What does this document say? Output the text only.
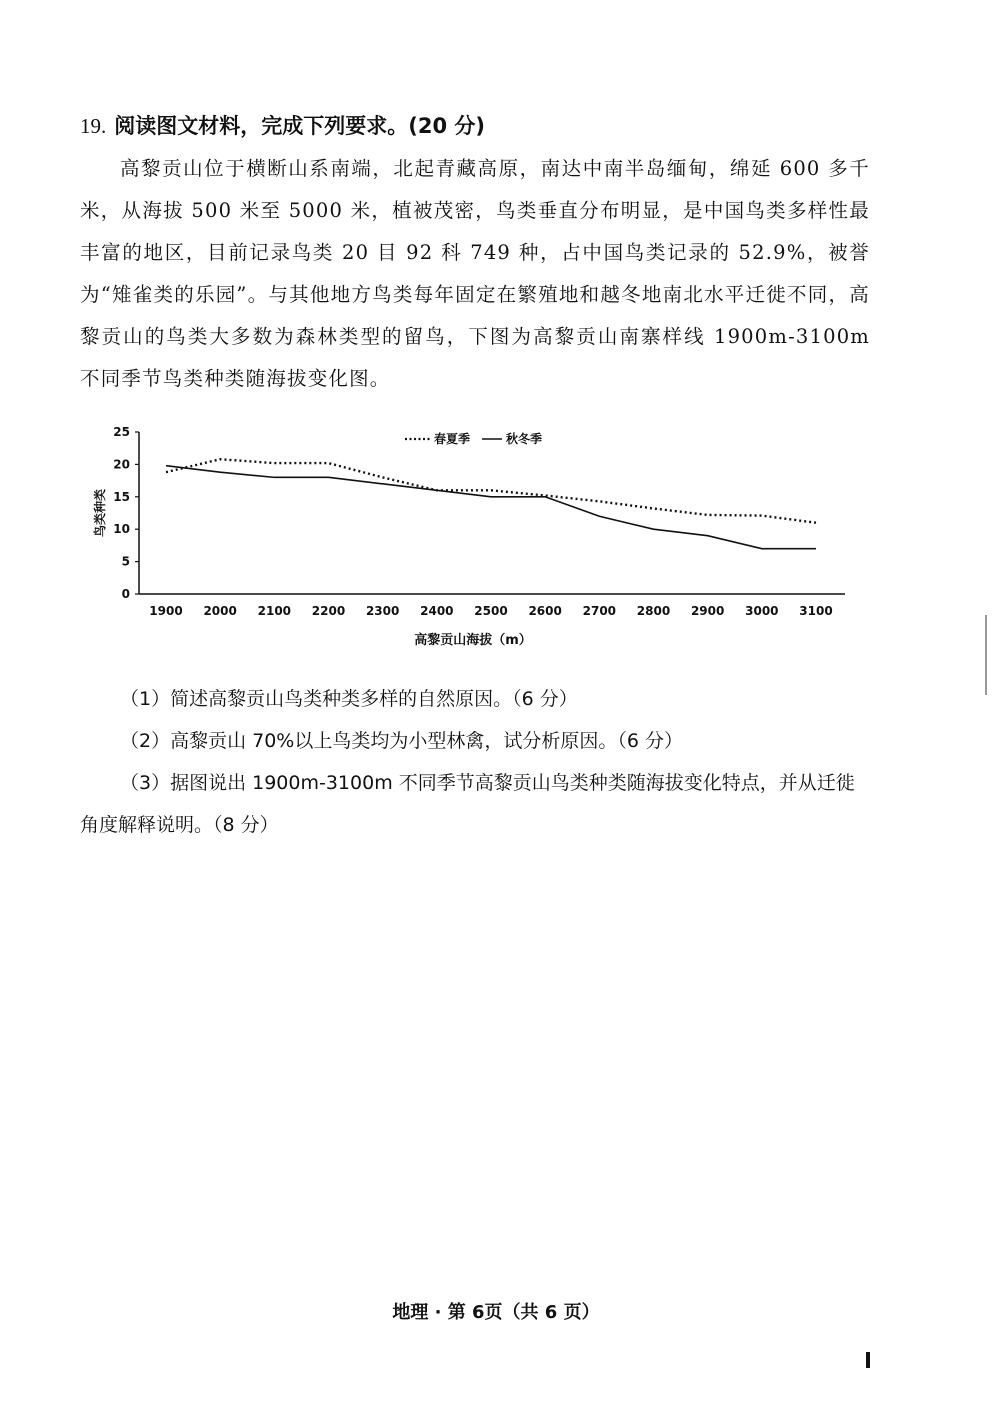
19. 阅读图文材料，完成下列要求。(20 分)
高黎贡山位于横断山系南端，北起青藏高原，南达中南半岛缅甸，绵延 600 多千米，从海拔 500 米至 5000 米，植被茂密，鸟类垂直分布明显，是中国鸟类多样性最丰富的地区，目前记录鸟类 20 目 92 科 749 种，占中国鸟类记录的 52.9%，被誉为“雉雀类的乐园”。与其他地方鸟类每年固定在繁殖地和越冬地南北水平迁徙不同，高黎贡山的鸟类大多数为森林类型的留鸟，下图为高黎贡山南寨样线 1900m-3100m 不同季节鸟类种类随海拔变化图。
0
5
10
15
20
25
1900 2000 2100 2200 2300 2400 2500 2600 2700 2800 2900 3000 3100
鸟类种类
高黎贡山海拔（m）
春夏季	秋冬季
（1）简述高黎贡山鸟类种类多样的自然原因。（6 分）
（2）高黎贡山 70%以上鸟类均为小型林禽，试分析原因。（6 分）
（3）据图说出 1900m-3100m 不同季节高黎贡山鸟类种类随海拔变化特点，并从迁徙角度解释说明。（8 分）
地理 · 第 6页（共 6 页）
